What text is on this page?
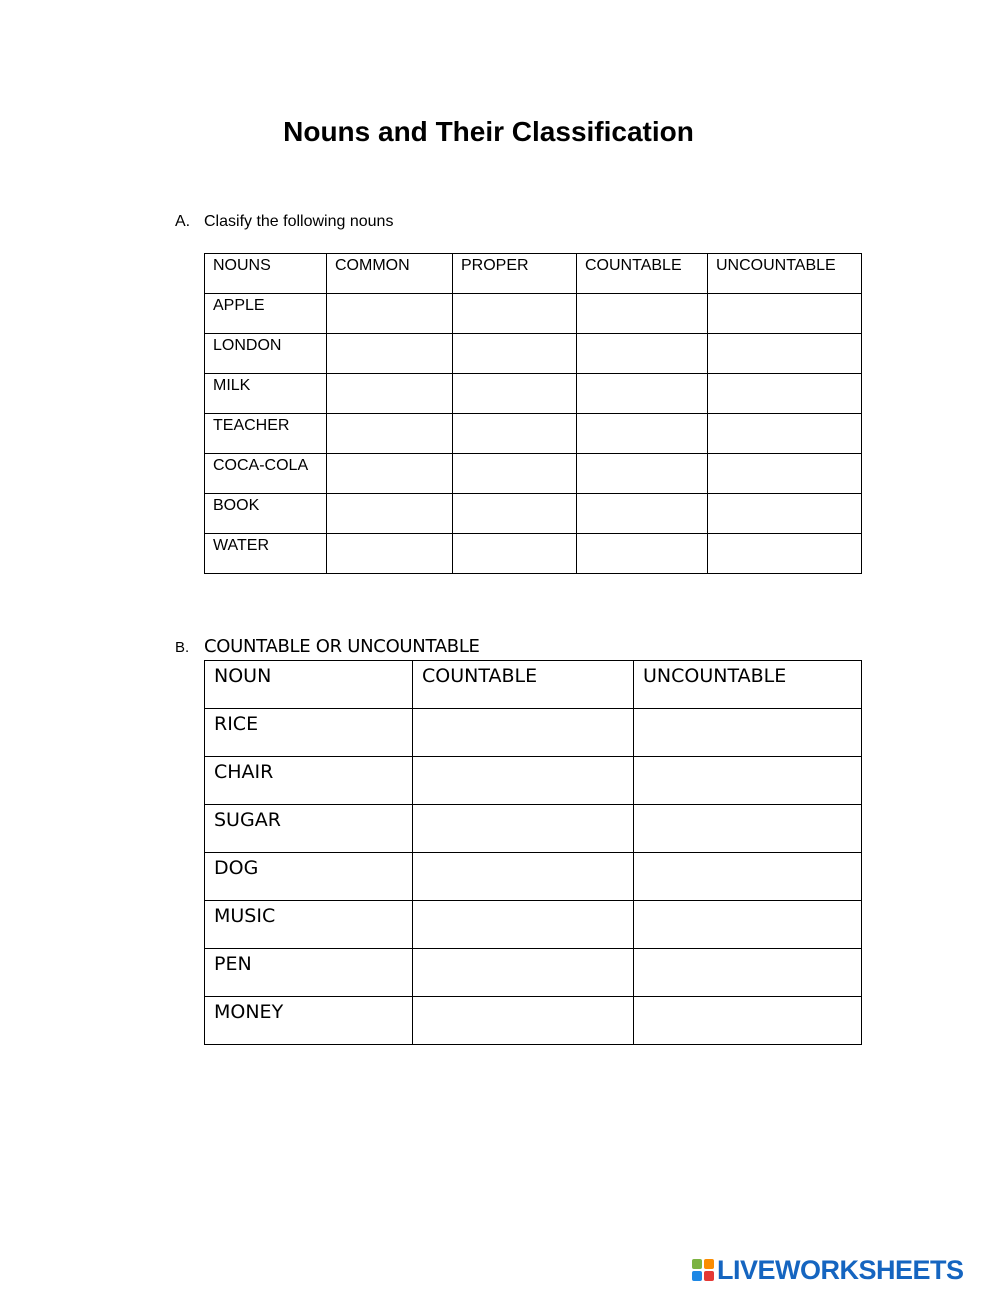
Nouns and Their Classification
A. Clasify the following nouns
NOUNS	COMMON	PROPER	COUNTABLE	UNCOUNTABLE
APPLE				
LONDON				
MILK				
TEACHER				
COCA-COLA				
BOOK				
WATER				
B. COUNTABLE OR UNCOUNTABLE
NOUN	COUNTABLE	UNCOUNTABLE
RICE		
CHAIR		
SUGAR		
DOG		
MUSIC		
PEN		
MONEY		
LIVEWORKSHEETS
